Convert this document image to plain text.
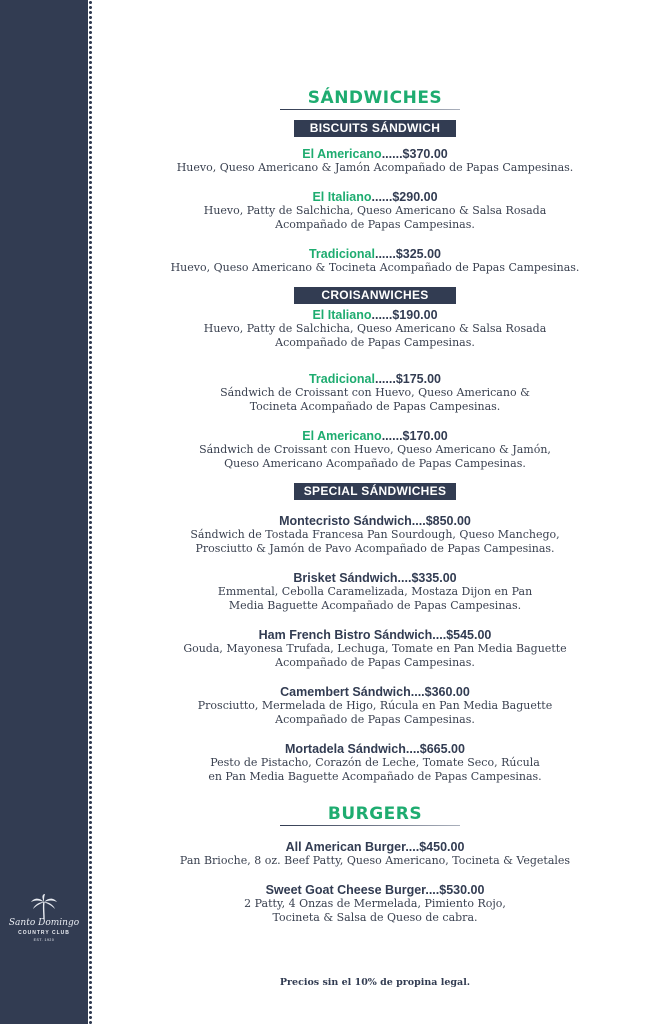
Santo Domingo
COUNTRY CLUB
EST. 1920
SÁNDWICHES
BISCUITS SÁNDWICH
El Americano......$370.00
Huevo, Queso Americano & Jamón Acompañado de Papas Campesinas.
El Italiano......$290.00
Huevo, Patty de Salchicha, Queso Americano & Salsa Rosada
Acompañado de Papas Campesinas.
Tradicional......$325.00
Huevo, Queso Americano & Tocineta Acompañado de Papas Campesinas.
CROISANWICHES
El Italiano......$190.00
Huevo, Patty de Salchicha, Queso Americano & Salsa Rosada
Acompañado de Papas Campesinas.
Tradicional......$175.00
Sándwich de Croissant con Huevo, Queso Americano &
Tocineta Acompañado de Papas Campesinas.
El Americano......$170.00
Sándwich de Croissant con Huevo, Queso Americano & Jamón,
Queso Americano Acompañado de Papas Campesinas.
SPECIAL SÁNDWICHES
Montecristo Sándwich....$850.00
Sándwich de Tostada Francesa Pan Sourdough, Queso Manchego,
Prosciutto & Jamón de Pavo Acompañado de Papas Campesinas.
Brisket Sándwich....$335.00
Emmental, Cebolla Caramelizada, Mostaza Dijon en Pan
Media Baguette Acompañado de Papas Campesinas.
Ham French Bistro Sándwich....$545.00
Gouda, Mayonesa Trufada, Lechuga, Tomate en Pan Media Baguette
Acompañado de Papas Campesinas.
Camembert Sándwich....$360.00
Prosciutto, Mermelada de Higo, Rúcula en Pan Media Baguette
Acompañado de Papas Campesinas.
Mortadela Sándwich....$665.00
Pesto de Pistacho, Corazón de Leche, Tomate Seco, Rúcula
en Pan Media Baguette Acompañado de Papas Campesinas.
BURGERS
All American Burger....$450.00
Pan Brioche, 8 oz. Beef Patty, Queso Americano, Tocineta & Vegetales
Sweet Goat Cheese Burger....$530.00
2 Patty, 4 Onzas de Mermelada, Pimiento Rojo,
Tocineta & Salsa de Queso de cabra.
Precios sin el 10% de propina legal.
